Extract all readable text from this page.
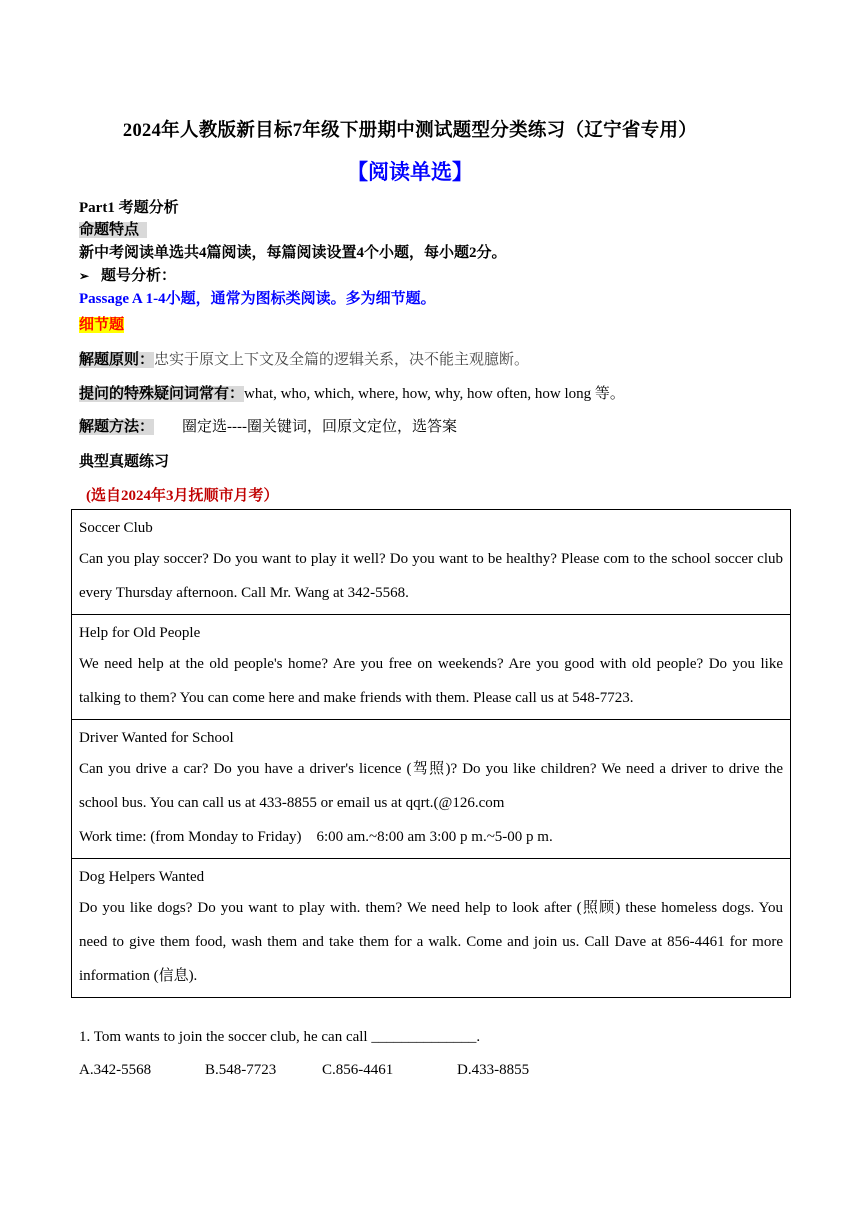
2024年人教版新目标7年级下册期中测试题型分类练习（辽宁省专用）
【阅读单选】
Part1 考题分析
命题特点
新中考阅读单选共4篇阅读，每篇阅读设置4个小题，每小题2分。
➢ 题号分析：
Passage A 1-4小题，通常为图标类阅读。多为细节题。
细节题
解题原则：忠实于原文上下文及全篇的逻辑关系，决不能主观臆断。
提问的特殊疑问词常有：what, who, which, where, how, why, how often, how long 等。
解题方法： 圈定选----圈关键词，回原文定位，选答案
典型真题练习
(选自2024年3月抚顺市月考）
Soccer Club

Can you play soccer? Do you want to play it well? Do you want to be healthy? Please com to the school soccer club every Thursday afternoon. Call Mr. Wang at 342-5568.

Help for Old People

We need help at the old people's home? Are you free on weekends? Are you good with old people? Do you like talking to them? You can come here and make friends with them. Please call us at 548-7723.

Driver Wanted for School

Can you drive a car? Do you have a driver's licence (驾照)? Do you like children? We need a driver to drive the school bus. You can call us at 433-8855 or email us at qqrt.(@126.com

Work time: (from Monday to Friday)    6:00 am.~8:00 am 3:00 p m.~5-00 p m.

Dog Helpers Wanted

Do you like dogs? Do you want to play with. them? We need help to look after (照顾) these homeless dogs. You need to give them food, wash them and take them for a walk. Come and join us. Call Dave at 856-4461 for more information (信息).

1. Tom wants to join the soccer club, he can call ______________.
A.342-5568	B.548-7723	C.856-4461	D.433-8855
